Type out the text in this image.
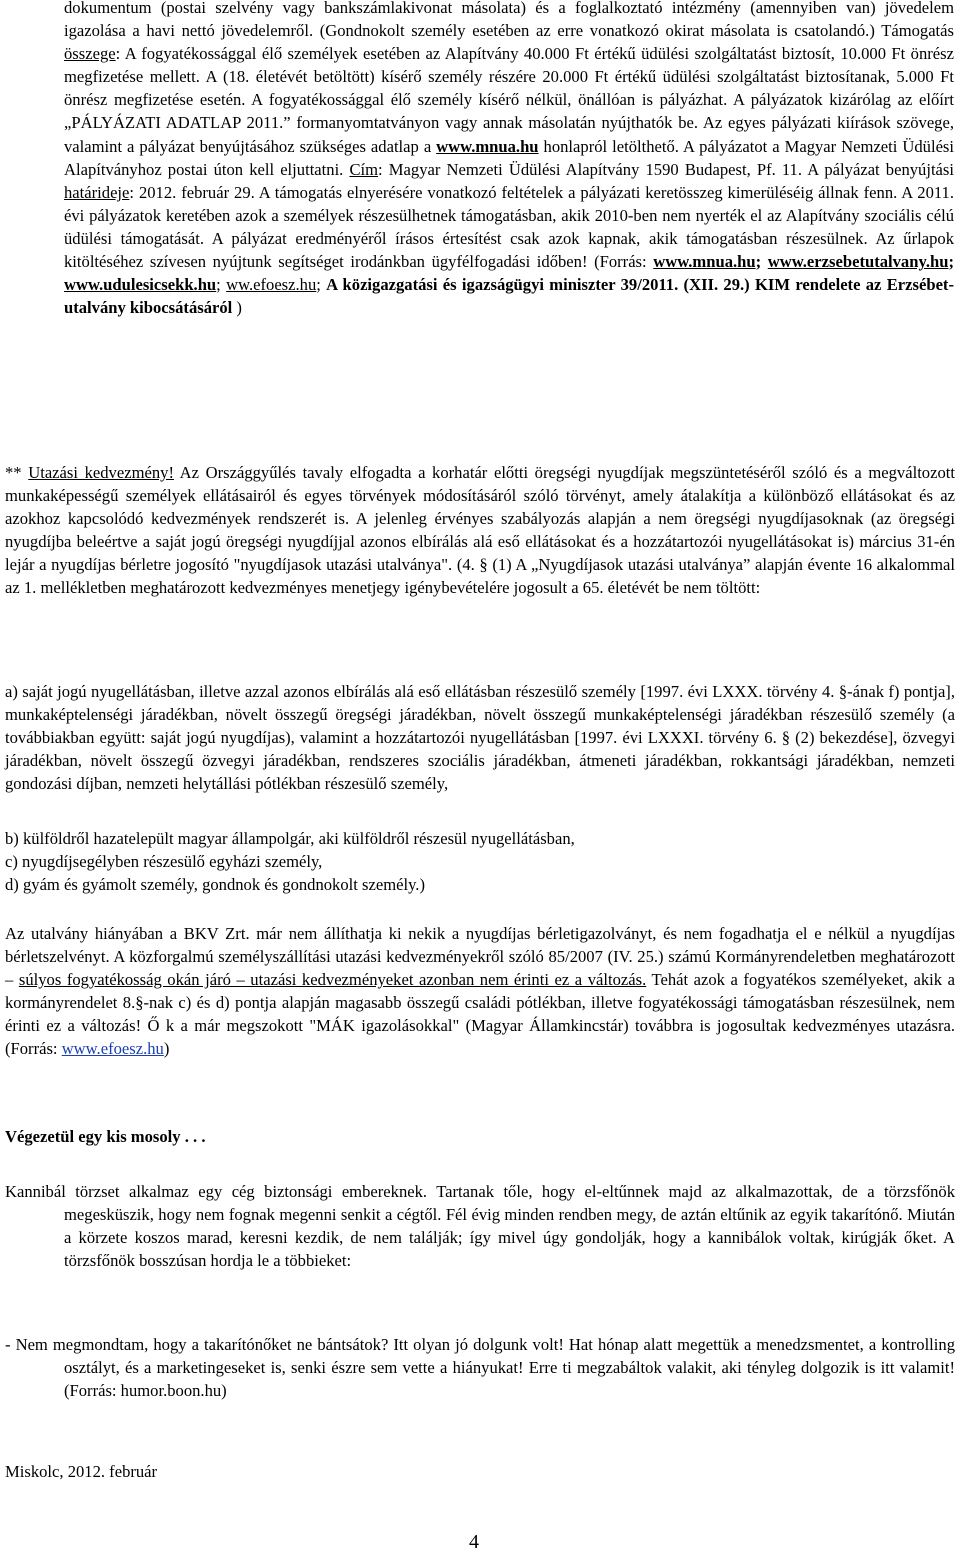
dokumentum (postai szelvény vagy bankszámlakivonat másolata) és a foglalkoztató intézmény (amennyiben van) jövedelem igazolása a havi nettó jövedelemről. (Gondnokolt személy esetében az erre vonatkozó okirat másolata is csatolandó.) Támogatás összege: A fogyatékossággal élő személyek esetében az Alapítvány 40.000 Ft értékű üdülési szolgáltatást biztosít, 10.000 Ft önrész megfizetése mellett. A (18. életévét betöltött) kísérő személy részére 20.000 Ft értékű üdülési szolgáltatást biztosítanak, 5.000 Ft önrész megfizetése esetén. A fogyatékossággal élő személy kísérő nélkül, önállóan is pályázhat. A pályázatok kizárólag az előírt „PÁLYÁZATI ADATLAP 2011.” formanyomtatványon vagy annak másolatán nyújthatók be. Az egyes pályázati kiírások szövege, valamint a pályázat benyújtásához szükséges adatlap a www.mnua.hu honlapról letölthető. A pályázatot a Magyar Nemzeti Üdülési Alapítványhoz postai úton kell eljuttatni. Cím: Magyar Nemzeti Üdülési Alapítvány 1590 Budapest, Pf. 11. A pályázat benyújtási határideje: 2012. február 29. A támogatás elnyerésére vonatkozó feltételek a pályázati keretösszeg kimerüléséig állnak fenn. A 2011. évi pályázatok keretében azok a személyek részesülhetnek támogatásban, akik 2010-ben nem nyerték el az Alapítvány szociális célú üdülési támogatását. A pályázat eredményéről írásos értesítést csak azok kapnak, akik támogatásban részesülnek. Az űrlapok kitöltéséhez szívesen nyújtunk segítséget irodánkban ügyfélfogadási időben! (Forrás: www.mnua.hu; www.erzsebetutalvany.hu; www.udulesicsekk.hu; ww.efoesz.hu; A közigazgatási és igazságügyi miniszter 39/2011. (XII. 29.) KIM rendelete az Erzsébet- utalvány kibocsátásáról )

** Utazási kedvezmény! Az Országgyűlés tavaly elfogadta a korhatár előtti öregségi nyugdíjak megszüntetéséről szóló és a megváltozott munkaképességű személyek ellátásairól és egyes törvények módosításáról szóló törvényt, amely átalakítja a különböző ellátásokat és az azokhoz kapcsolódó kedvezmények rendszerét is. A jelenleg érvényes szabályozás alapján a nem öregségi nyugdíjasoknak (az öregségi nyugdíjba beleértve a saját jogú öregségi nyugdíjjal azonos elbírálás alá eső ellátásokat és a hozzátartozói nyugellátásokat is) március 31-én lejár a nyugdíjas bérletre jogosító "nyugdíjasok utazási utalványa". (4. § (1) A „Nyugdíjasok utazási utalványa” alapján évente 16 alkalommal az 1. mellékletben meghatározott kedvezményes menetjegy igénybevételére jogosult a 65. életévét be nem töltött:

a) saját jogú nyugellátásban, illetve azzal azonos elbírálás alá eső ellátásban részesülő személy [1997. évi LXXX. törvény 4. §-ának f) pontja], munkaképtelenségi járadékban, növelt összegű öregségi járadékban, növelt összegű munkaképtelenségi járadékban részesülő személy (a továbbiakban együtt: saját jogú nyugdíjas), valamint a hozzátartozói nyugellátásban [1997. évi LXXXI. törvény 6. § (2) bekezdése], özvegyi járadékban, növelt összegű özvegyi járadékban, rendszeres szociális járadékban, átmeneti járadékban, rokkantsági járadékban, nemzeti gondozási díjban, nemzeti helytállási pótlékban részesülő személy,

b) külföldről hazatelepült magyar állampolgár, aki külföldről részesül nyugellátásban,

c) nyugdíjsegélyben részesülő egyházi személy,

d) gyám és gyámolt személy, gondnok és gondnokolt személy.)

Az utalvány hiányában a BKV Zrt. már nem állíthatja ki nekik a nyugdíjas bérletigazolványt, és nem fogadhatja el e nélkül a nyugdíjas bérletszelvényt. A közforgalmú személyszállítási utazási kedvezményekről szóló 85/2007 (IV. 25.) számú Kormányrendeletben meghatározott – súlyos fogyatékosság okán járó – utazási kedvezményeket azonban nem érinti ez a változás. Tehát azok a fogyatékos személyeket, akik a kormányrendelet 8.§-nak c) és d) pontja alapján magasabb összegű családi pótlékban, illetve fogyatékossági támogatásban részesülnek, nem érinti ez a változás! Ő k a már megszokott "MÁK igazolásokkal" (Magyar Államkincstár) továbbra is jogosultak kedvezményes utazásra. (Forrás: www.efoesz.hu)

Végezetül egy kis mosoly . . .

Kannibál törzset alkalmaz egy cég biztonsági embereknek. Tartanak tőle, hogy el-eltűnnek majd az alkalmazottak, de a törzsfőnök megesküszik, hogy nem fognak megenni senkit a cégtől. Fél évig minden rendben megy, de aztán eltűnik az egyik takarítónő. Miután a körzete koszos marad, keresni kezdik, de nem találják; így mivel úgy gondolják, hogy a kannibálok voltak, kirúgják őket. A törzsfőnök bosszúsan hordja le a többieket:

- Nem megmondtam, hogy a takarítónőket ne bántsátok? Itt olyan jó dolgunk volt! Hat hónap alatt megettük a menedzsmentet, a kontrolling osztályt, és a marketingeseket is, senki észre sem vette a hiányukat! Erre ti megzabáltok valakit, aki tényleg dolgozik is itt valamit! (Forrás: humor.boon.hu)

Miskolc, 2012. február

4
